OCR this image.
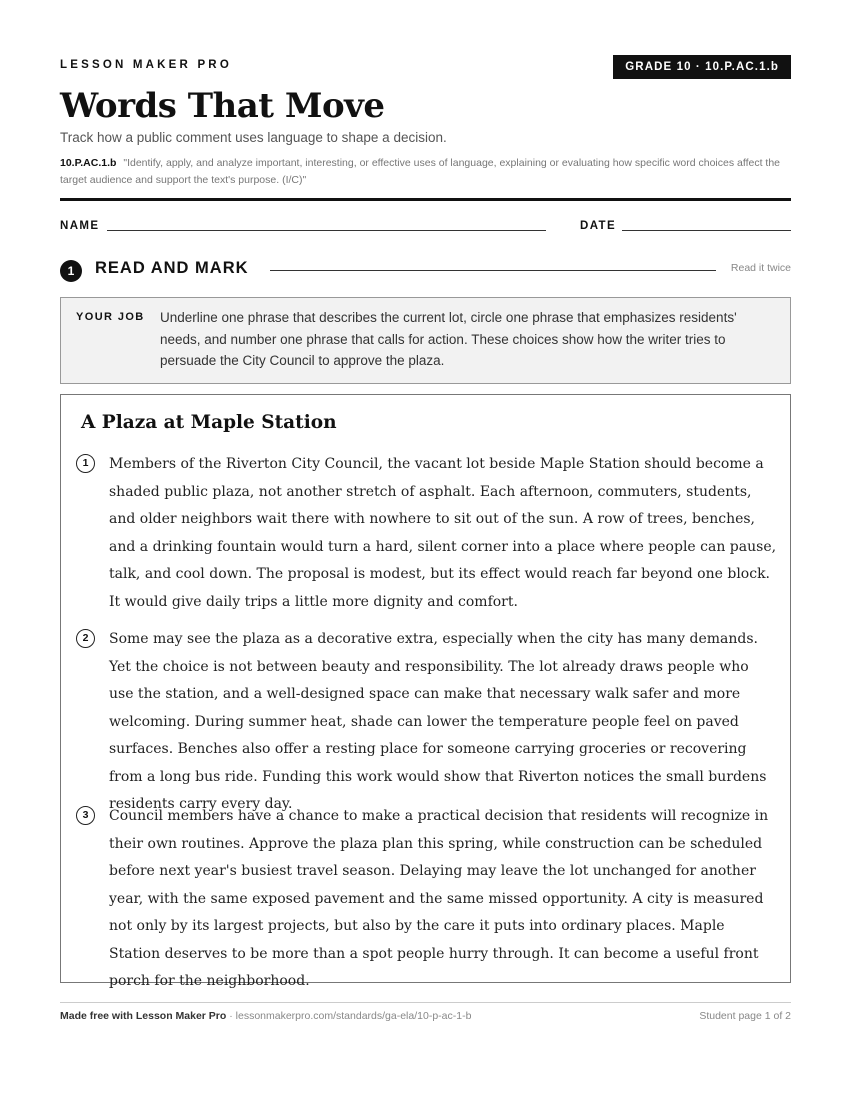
LESSON MAKER PRO	GRADE 10 · 10.P.AC.1.b
Words That Move
Track how a public comment uses language to shape a decision.
10.P.AC.1.b "Identify, apply, and analyze important, interesting, or effective uses of language, explaining or evaluating how specific word choices affect the target audience and support the text's purpose. (I/C)"
NAME	DATE
1	READ AND MARK	Read it twice
YOUR JOB Underline one phrase that describes the current lot, circle one phrase that emphasizes residents' needs, and number one phrase that calls for action. These choices show how the writer tries to persuade the City Council to approve the plaza.
A Plaza at Maple Station
1	Members of the Riverton City Council, the vacant lot beside Maple Station should become a shaded public plaza, not another stretch of asphalt. Each afternoon, commuters, students, and older neighbors wait there with nowhere to sit out of the sun. A row of trees, benches, and a drinking fountain would turn a hard, silent corner into a place where people can pause, talk, and cool down. The proposal is modest, but its effect would reach far beyond one block. It would give daily trips a little more dignity and comfort.

2	Some may see the plaza as a decorative extra, especially when the city has many demands. Yet the choice is not between beauty and responsibility. The lot already draws people who use the station, and a well-designed space can make that necessary walk safer and more welcoming. During summer heat, shade can lower the temperature people feel on paved surfaces. Benches also offer a resting place for someone carrying groceries or recovering from a long bus ride. Funding this work would show that Riverton notices the small burdens residents carry every day.

3	Council members have a chance to make a practical decision that residents will recognize in their own routines. Approve the plaza plan this spring, while construction can be scheduled before next year's busiest travel season. Delaying may leave the lot unchanged for another year, with the same exposed pavement and the same missed opportunity. A city is measured not only by its largest projects, but also by the care it puts into ordinary places. Maple Station deserves to be more than a spot people hurry through. It can become a useful front porch for the neighborhood.

Made free with Lesson Maker Pro · lessonmakerpro.com/standards/ga-ela/10-p-ac-1-b	Student page 1 of 2
